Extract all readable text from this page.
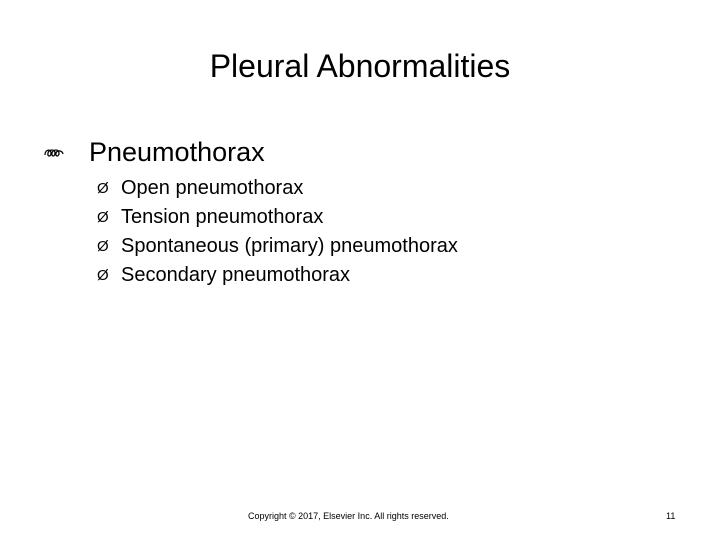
Pleural Abnormalities
Pneumothorax
Ø Open pneumothorax
Ø Tension pneumothorax
Ø Spontaneous (primary) pneumothorax
Ø Secondary pneumothorax
Copyright © 2017, Elsevier Inc. All rights reserved.	11
